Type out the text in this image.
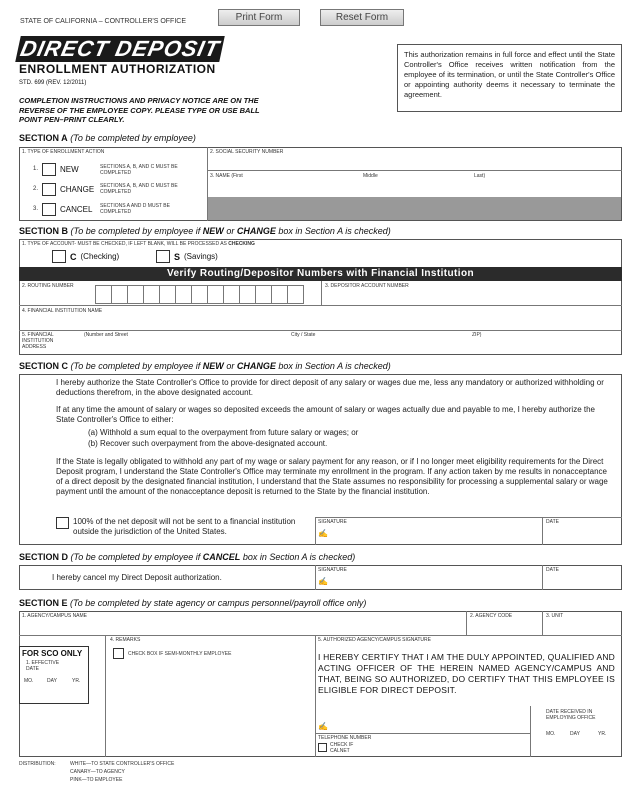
STATE OF CALIFORNIA – CONTROLLER'S OFFICE	Print Form	Reset Form
DIRECT DEPOSIT
ENROLLMENT AUTHORIZATION
STD. 699 (REV. 12/2011)
COMPLETION INSTRUCTIONS AND PRIVACY NOTICE ARE ON THE REVERSE OF THE EMPLOYEE COPY. PLEASE TYPE OR USE BALL POINT PEN–PRINT CLEARLY.
This authorization remains in full force and effect until the State Controller's Office receives written notification from the employee of its termination, or until the State Controller's Office or appointing authority deems it necessary to terminate the agreement.
SECTION A (To be completed by employee)
1. TYPE OF ENROLLMENT ACTION
1.	NEW	SECTIONS A, B, AND C MUST BE COMPLETED
2.	CHANGE	SECTIONS A, B, AND C MUST BE COMPLETED
3.	CANCEL	SECTIONS A AND D MUST BE COMPLETED
2. SOCIAL SECURITY NUMBER
3. NAME (First	Middle	Last)
SECTION B (To be completed by employee if NEW or CHANGE box in Section A is checked)
1. TYPE OF ACCOUNT- MUST BE CHECKED, IF LEFT BLANK, WILL BE PROCESSED AS CHECKING
C (Checking)	S (Savings)
Verify Routing/Depositor Numbers with Financial Institution
2. ROUTING NUMBER	3. DEPOSITOR ACCOUNT NUMBER
4. FINANCIAL INSTITUTION NAME
5. FINANCIAL INSTITUTION ADDRESS
(Number and Street	City / State	ZIP)
SECTION C (To be completed by employee if NEW or CHANGE box in Section A is checked)
I hereby authorize the State Controller's Office to provide for direct deposit of any salary or wages due me, less any mandatory or authorized withholding or deductions therefrom, in the above designated account.
If at any time the amount of salary or wages so deposited exceeds the amount of salary or wages actually due and payable to me, I hereby authorize the State Controller's Office to either:
(a) Withhold a sum equal to the overpayment from future salary or wages; or
(b) Recover such overpayment from the above-designated account.
If the State is legally obligated to withhold any part of my wage or salary payment for any reason, or if I no longer meet eligibility requirements for the Direct Deposit program, I understand the State Controller's Office may terminate my enrollment in the program. If any action taken by me results in nonacceptance of a direct deposit by the designated financial institution, I understand that the State assumes no responsibility for processing a supplemental salary or wage payment until the amount of the nonacceptance deposit is returned to the State by the financial institution.
100% of the net deposit will not be sent to a financial institution outside the jurisdiction of the United States.
SIGNATURE
✍
DATE
SECTION D (To be completed by employee if CANCEL box in Section A is checked)
I hereby cancel my Direct Deposit authorization.
SIGNATURE
✍
DATE
SECTION E (To be completed by state agency or campus personnel/payroll office only)
1. AGENCY/CAMPUS NAME	2. AGENCY CODE	3. UNIT
FOR SCO ONLY
1. EFFECTIVE DATE
MO.	DAY	YR.
4. REMARKS
CHECK BOX IF SEMI-MONTHLY EMPLOYEE
5. AUTHORIZED AGENCY/CAMPUS SIGNATURE
I HEREBY CERTIFY THAT I AM THE DULY APPOINTED, QUALIFIED AND ACTING OFFICER OF THE HEREIN NAMED AGENCY/CAMPUS AND THAT, BEING SO AUTHORIZED, DO CERTIFY THAT THIS EMPLOYEE IS ELIGIBLE FOR DIRECT DEPOSIT.
✍
DATE RECEIVED IN EMPLOYING OFFICE
MO.	DAY	YR.
TELEPHONE NUMBER
CHECK IF CALNET
DISTRIBUTION:	WHITE—TO STATE CONTROLLER'S OFFICE
CANARY—TO AGENCY
PINK—TO EMPLOYEE
